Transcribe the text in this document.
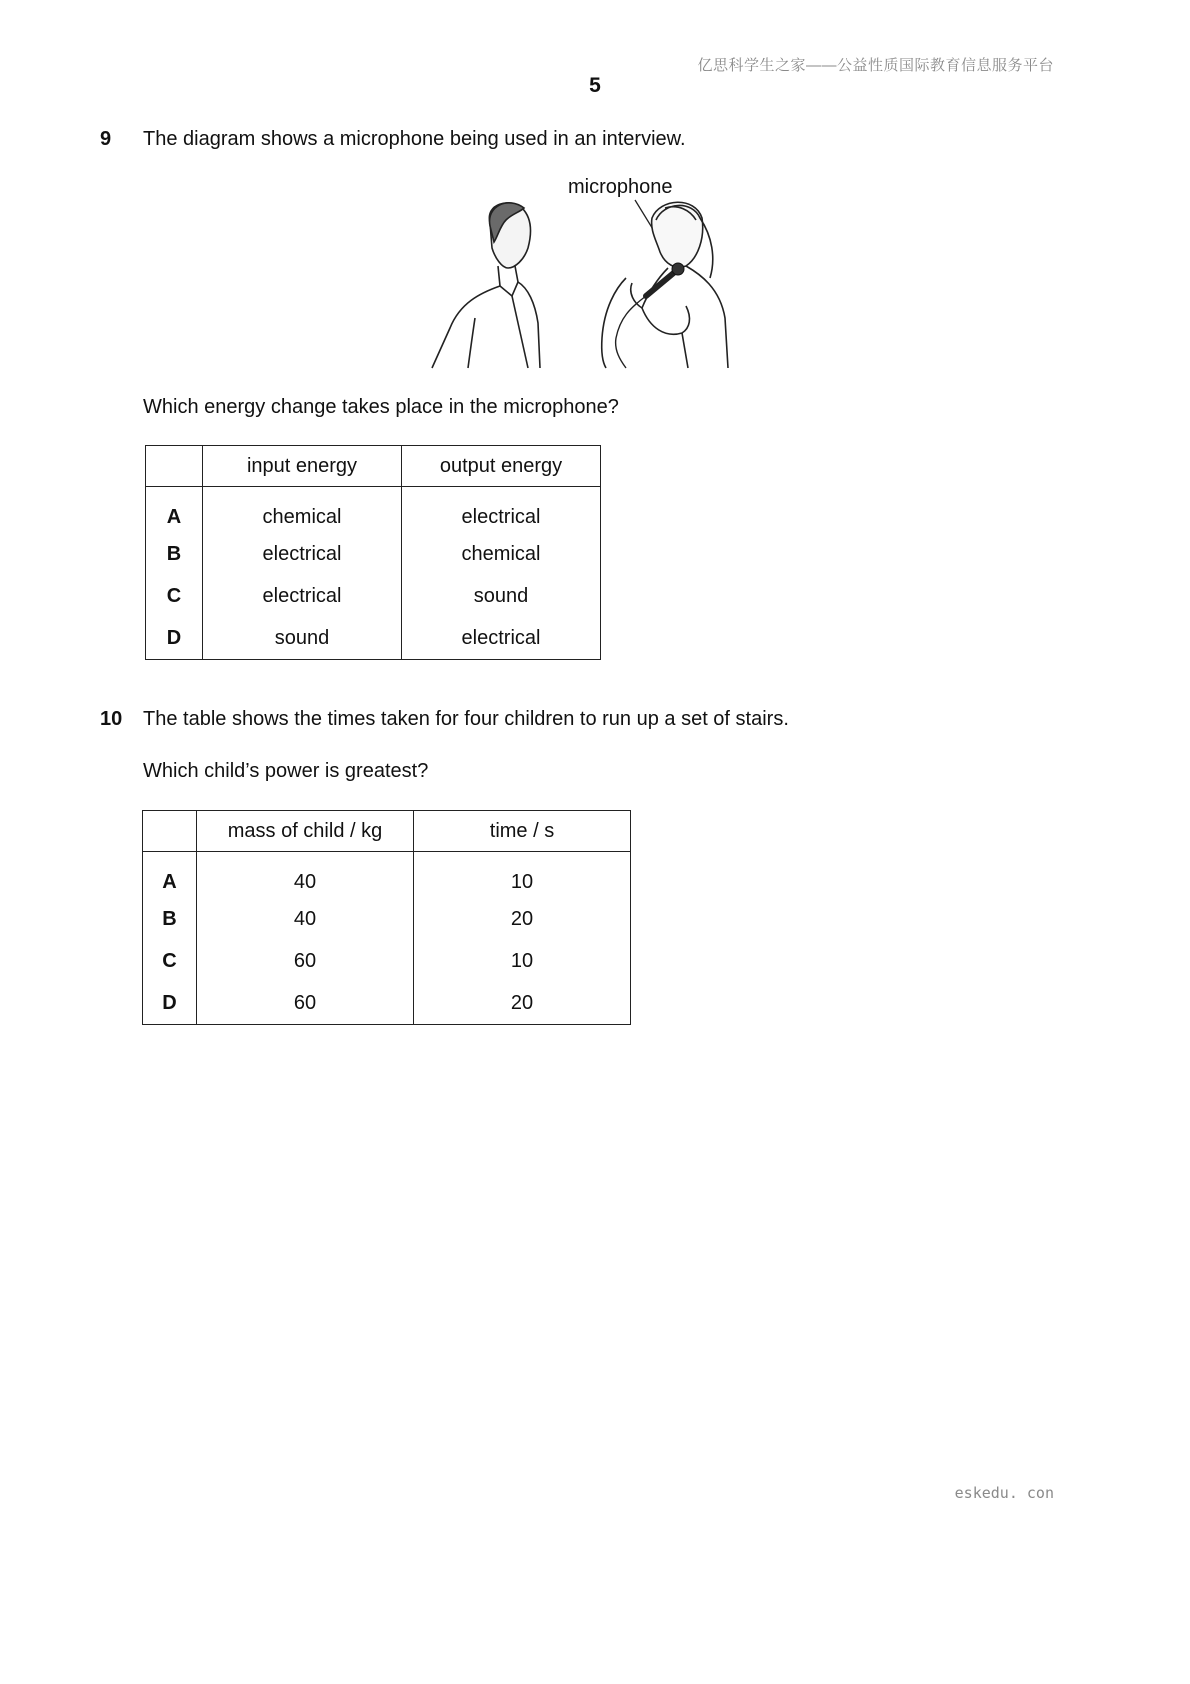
亿思科学生之家——公益性质国际教育信息服务平台
5
9 The diagram shows a microphone being used in an interview.
microphone
Which energy change takes place in the microphone?
	input energy	output energy
A	chemical	electrical
B	electrical	chemical
C	electrical	sound
D	sound	electrical
10 The table shows the times taken for four children to run up a set of stairs.
Which child’s power is greatest?
	mass of child / kg	time / s
A	40	10
B	40	20
C	60	10
D	60	20
eskedu. con
